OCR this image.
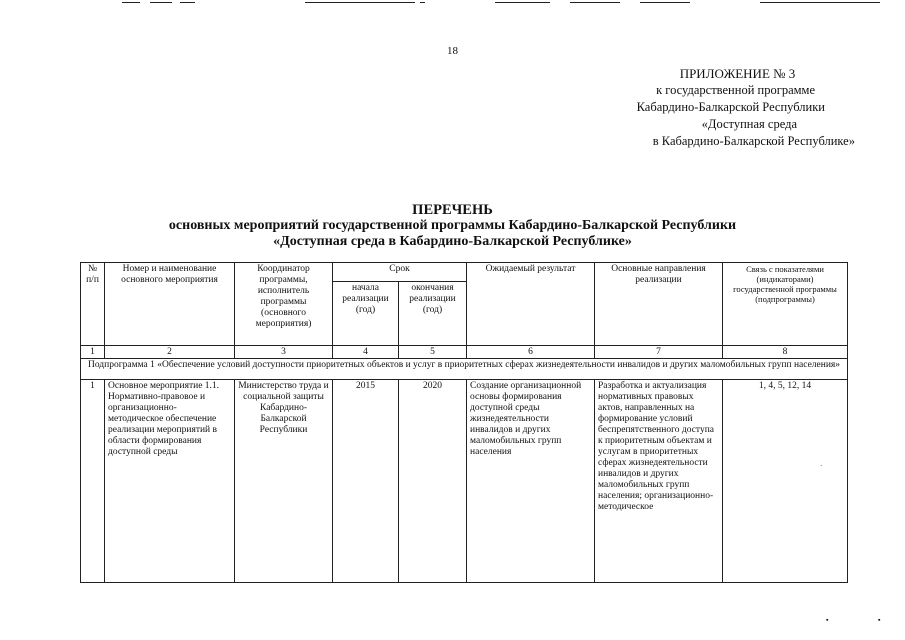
18
ПРИЛОЖЕНИЕ № 3
к государственной программе
Кабардино-Балкарской Республики
«Доступная среда
в Кабардино-Балкарской Республике»
ПЕРЕЧЕНЬ
основных мероприятий государственной программы Кабардино-Балкарской Республики
«Доступная среда в Кабардино-Балкарской Республике»
№ п/п	Номер и наименование основного мероприятия	Координатор программы, исполнитель программы (основного мероприятия)	Срок		Ожидаемый результат	Основные направления реализации	Связь с показателями (индикаторами) государственной программы (подпрограммы)
			начала реализации (год)	окончания реализации (год)			
1	2	3	4	5	6	7	8
Подпрограмма 1 «Обеспечение условий доступности приоритетных объектов и услуг в приоритетных сферах жизнедеятельности инвалидов и других маломобильных групп населения»							
1	Основное мероприятие 1.1. Нормативно-правовое и организационно-методическое обеспечение реализации мероприятий в области формирования доступной среды	Министерство труда и социальной защиты Кабардино-Балкарской Республики	2015	2020	Создание организационной основы формирования доступной среды жизнедеятельности инвалидов и других маломобильных групп населения	Разработка и актуализация нормативных правовых актов, направленных на формирование условий беспрепятственного доступа к приоритетным объектам и услугам в приоритетных сферах жизнедеятельности инвалидов и других маломобильных групп населения; организационно-методическое	1, 4, 5, 12, 14
·
▪	▪
